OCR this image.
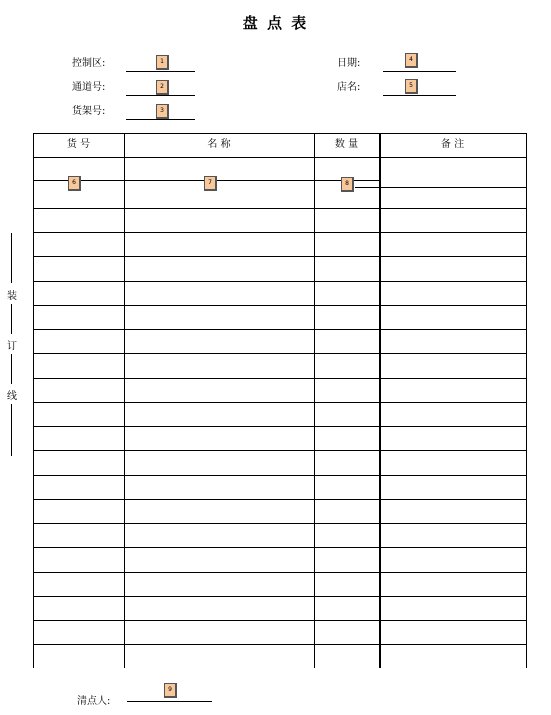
盘 点 表
控制区:	1
通道号:	2
货架号:	3
日期:	4
店名:	5
货 号	名 称	数 量	备 注
6	7	8
装
订
线
清点人:
9
